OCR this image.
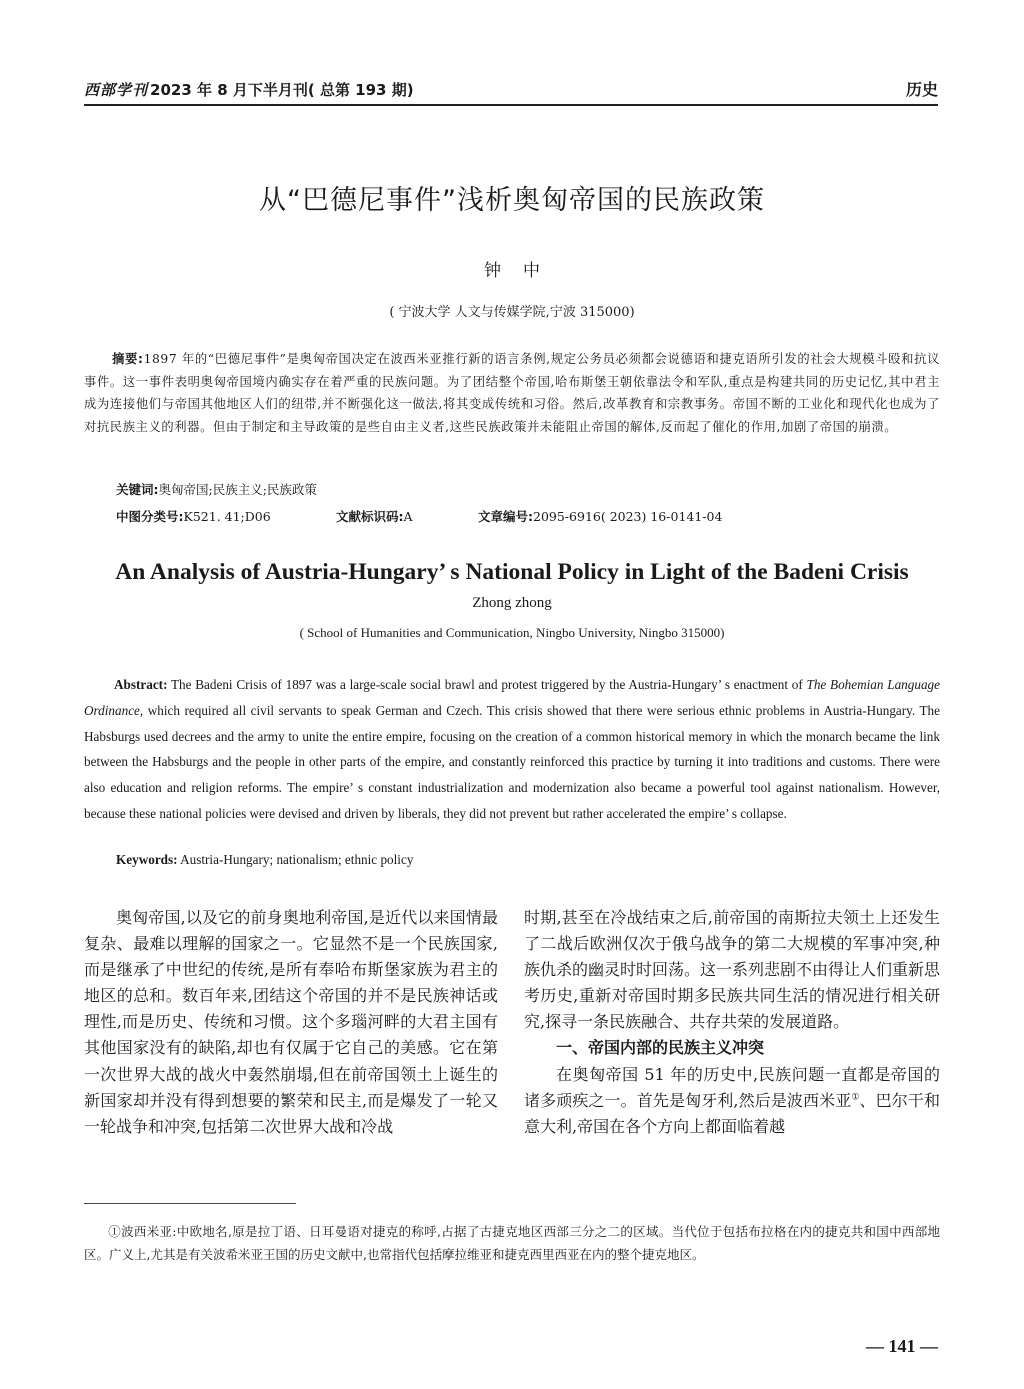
西部学刊 2023 年 8 月下半月刊( 总第 193 期)	历史
从“巴德尼事件”浅析奥匈帝国的民族政策
钟中
( 宁波大学 人文与传媒学院,宁波 315000)
摘要:1897 年的“巴德尼事件”是奥匈帝国决定在波西米亚推行新的语言条例,规定公务员必须都会说德语和捷克语所引发的社会大规模斗殴和抗议事件。这一事件表明奥匈帝国境内确实存在着严重的民族问题。为了团结整个帝国,哈布斯堡王朝依靠法令和军队,重点是构建共同的历史记忆,其中君主成为连接他们与帝国其他地区人们的纽带,并不断强化这一做法,将其变成传统和习俗。然后,改革教育和宗教事务。帝国不断的工业化和现代化也成为了对抗民族主义的利器。但由于制定和主导政策的是些自由主义者,这些民族政策并未能阻止帝国的解体,反而起了催化的作用,加剧了帝国的崩溃。
关键词:奥匈帝国;民族主义;民族政策
中图分类号:K521. 41;D06	文献标识码:A	文章编号:2095-6916( 2023) 16-0141-04
An Analysis of Austria-Hungary’ s National Policy in Light of the Badeni Crisis
Zhong zhong
( School of Humanities and Communication, Ningbo University, Ningbo 315000)
Abstract: The Badeni Crisis of 1897 was a large-scale social brawl and protest triggered by the Austria-Hungary’ s enactment of The Bohemian Language Ordinance, which required all civil servants to speak German and Czech. This crisis showed that there were serious ethnic problems in Austria-Hungary. The Habsburgs used decrees and the army to unite the entire empire, focusing on the creation of a common historical memory in which the monarch became the link between the Habsburgs and the people in other parts of the empire, and constantly reinforced this practice by turning it into traditions and customs. There were also education and religion reforms. The empire’ s constant industrialization and modernization also became a powerful tool against nationalism. However, because these national policies were devised and driven by liberals, they did not prevent but rather accelerated the empire’ s collapse.
Keywords: Austria-Hungary; nationalism; ethnic policy

奥匈帝国,以及它的前身奥地利帝国,是近代以来国情最复杂、最难以理解的国家之一。它显然不是一个民族国家,而是继承了中世纪的传统,是所有奉哈布斯堡家族为君主的地区的总和。数百年来,团结这个帝国的并不是民族神话或理性,而是历史、传统和习惯。这个多瑙河畔的大君主国有其他国家没有的缺陷,却也有仅属于它自己的美感。它在第一次世界大战的战火中轰然崩塌,但在前帝国领土上诞生的新国家却并没有得到想要的繁荣和民主,而是爆发了一轮又一轮战争和冲突,包括第二次世界大战和冷战

时期,甚至在冷战结束之后,前帝国的南斯拉夫领土上还发生了二战后欧洲仅次于俄乌战争的第二大规模的军事冲突,种族仇杀的幽灵时时回荡。这一系列悲剧不由得让人们重新思考历史,重新对帝国时期多民族共同生活的情况进行相关研究,探寻一条民族融合、共存共荣的发展道路。

一、帝国内部的民族主义冲突

在奥匈帝国 51 年的历史中,民族问题一直都是帝国的诸多顽疾之一。首先是匈牙利,然后是波西米亚①、巴尔干和意大利,帝国在各个方向上都面临着越

①波西米亚:中欧地名,原是拉丁语、日耳曼语对捷克的称呼,占据了古捷克地区西部三分之二的区域。当代位于包括布拉格在内的捷克共和国中西部地区。广义上,尤其是有关波希米亚王国的历史文献中,也常指代包括摩拉维亚和捷克西里西亚在内的整个捷克地区。
— 141 —
